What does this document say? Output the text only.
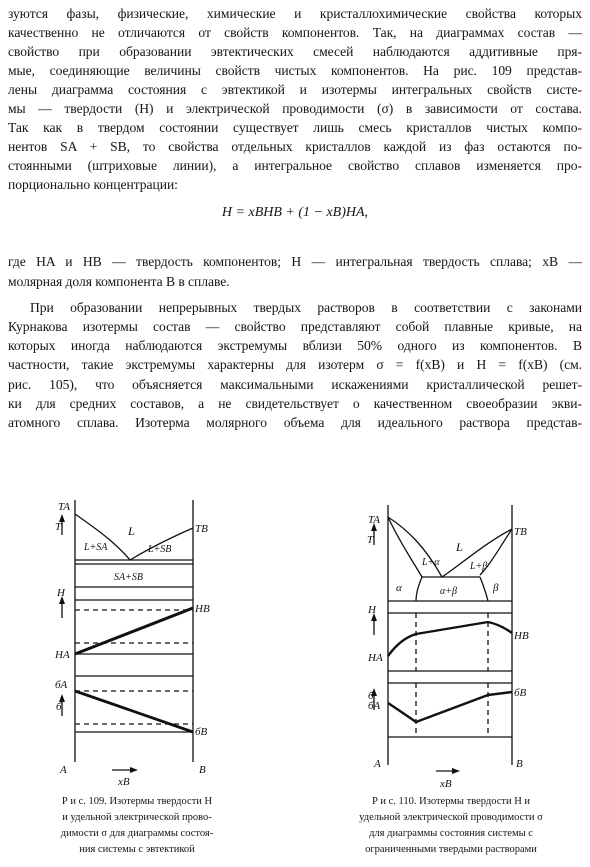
зуются фазы, физические, химические и кристаллохимические свойства которых
качественно не отличаются от свойств компонентов. Так, на диаграммах состав —
свойство при образовании эвтектических смесей наблюдаются аддитивные пря-
мые, соединяющие величины свойств чистых компонентов. На рис. 109 представ-
лены диаграмма состояния с эвтектикой и изотермы интегральных свойств систе-
мы — твердости (H) и электрической проводимости (σ) в зависимости от состава.
Так как в твердом состоянии существует лишь смесь кристаллов чистых компо-
нентов SA + SB, то свойства отдельных кристаллов каждой из фаз остаются по-
стоянными (штриховые линии), а интегральное свойство сплавов изменяется про-
порционально концентрации:
H = xBHB + (1 − xB)HA,
где HA и HB — твердость компонентов; H — интегральная твердость сплава; xB —
молярная доля компонента B в сплаве.
При образовании непрерывных твердых растворов в соответствии с законами
Курнакова изотермы состав — свойство представляют собой плавные кривые, на
которых иногда наблюдаются экстремумы вблизи 50% одного из компонентов. В
частности, такие экстремумы характерны для изотерм σ = f(xB) и H = f(xB) (см.
рис. 105), что объясняется максимальными искажениями кристаллической решет-
ки для средних составов, а не свидетельствует о качественном своеобразии экви-
атомного сплава. Изотерма молярного объема для идеального раствора представ-
TA
T	TB
L
L+SA	L+SB
SA+SB
H
HB
HA
бA
б
бB
A	B
xB
Р и с. 109. Изотермы твердости H
и удельной электрической прово-
димости σ для диаграммы состоя-
ния системы с эвтектикой
TA
T
TB
L
L+α	L+β
α	β
α+β
H
HB
HA
бB
б
бA
A	B
xB
Р и с. 110. Изотермы твердости H и
удельной электрической проводимости σ
для диаграммы состояния системы с
ограниченными твердыми растворами
